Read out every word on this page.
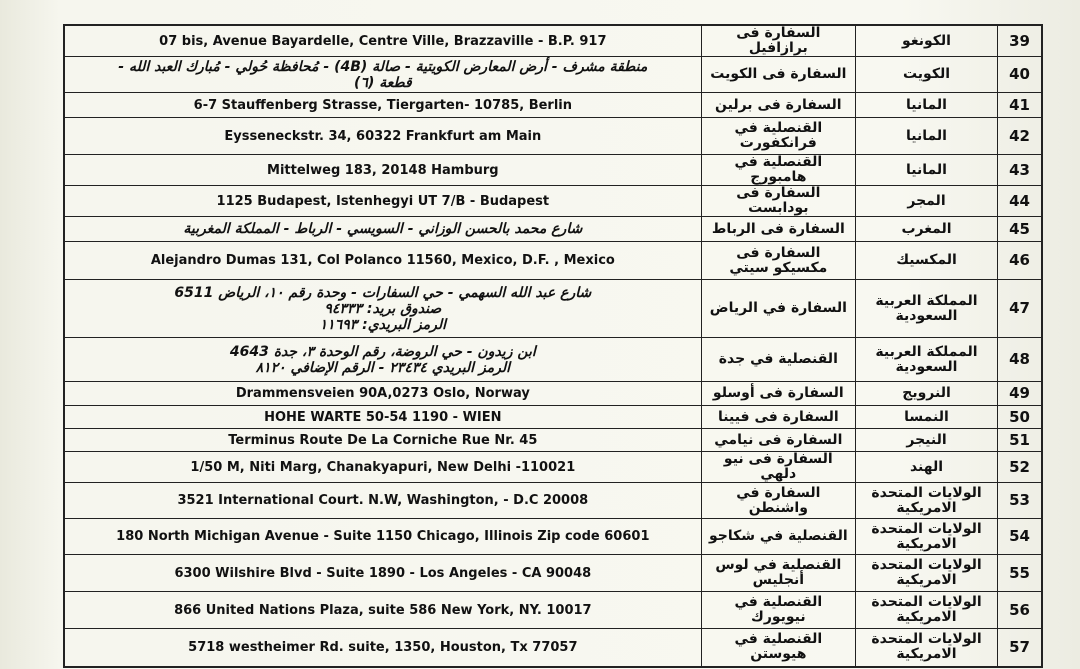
07 bis, Avenue Bayardelle, Centre Ville, Brazzaville - B.P. 917	السفارة فى برازافيل	الكونغو	39

منطقة مشرف - أرض المعارض الكويتية - صالة (4B) - مُحافظة حُولي - مُبارك العبد الله -
قطعة (٦)	السفارة فى الكويت	الكويت	40

6-7 Stauffenberg Strasse, Tiergarten- 10785, Berlin	السفارة فى برلين	المانيا	41

Eysseneckstr. 34, 60322 Frankfurt am Main	القنصلية في فرانكفورت	المانيا	42

Mittelweg 183, 20148 Hamburg	القنصلية في هامبورج	المانيا	43

1125 Budapest, Istenhegyi UT 7/B - Budapest	السفارة فى بودابست	المجر	44

شارع محمد بالحسن الوزاني - السويسي - الرباط - المملكة المغربية	السفارة فى الرباط	المغرب	45

Alejandro Dumas 131, Col Polanco 11560, Mexico, D.F. , Mexico	السفارة فى مكسيكو سيتي	المكسيك	46

شارع عبد الله السهمي - حي السفارات - وحدة رقم ١٠، الرياض 6511
صندوق بريد: ٩٤٣٣٣
الرمز البريدي: ١١٦٩٣	السفارة في الرياض	المملكة العربية السعودية	47

ابن زيدون - حي الروضة، رقم الوحدة ٣، جدة 4643
الرمز البريدي ٢٣٤٣٤ - الرقم الإضافي ٨١٢٠	القنصلية في جدة	المملكة العربية السعودية	48

Drammensveien 90A,0273 Oslo, Norway	السفارة فى أوسلو	النرويج	49

HOHE WARTE 50-54 1190 - WIEN	السفارة فى فيينا	النمسا	50

Terminus Route De La Corniche Rue Nr. 45	السفارة فى نيامي	النيجر	51

1/50 M, Niti Marg, Chanakyapuri, New Delhi -110021	السفارة فى نيو دلهي	الهند	52

3521 International Court. N.W, Washington, - D.C 20008	السفارة في واشنطن	الولايات المتحدة الامريكية	53

180 North Michigan Avenue - Suite 1150 Chicago, Illinois Zip code 60601	القنصلية في شكاجو	الولايات المتحدة الامريكية	54

6300 Wilshire Blvd - Suite 1890 - Los Angeles - CA 90048	القنصلية في لوس أنجليس	الولايات المتحدة الامريكية	55

866 United Nations Plaza, suite 586 New York, NY. 10017	القنصلية في نيويورك	الولايات المتحدة الامريكية	56

5718 westheimer Rd. suite, 1350, Houston, Tx 77057	القنصلية في هيوستن	الولايات المتحدة الامريكية	57
